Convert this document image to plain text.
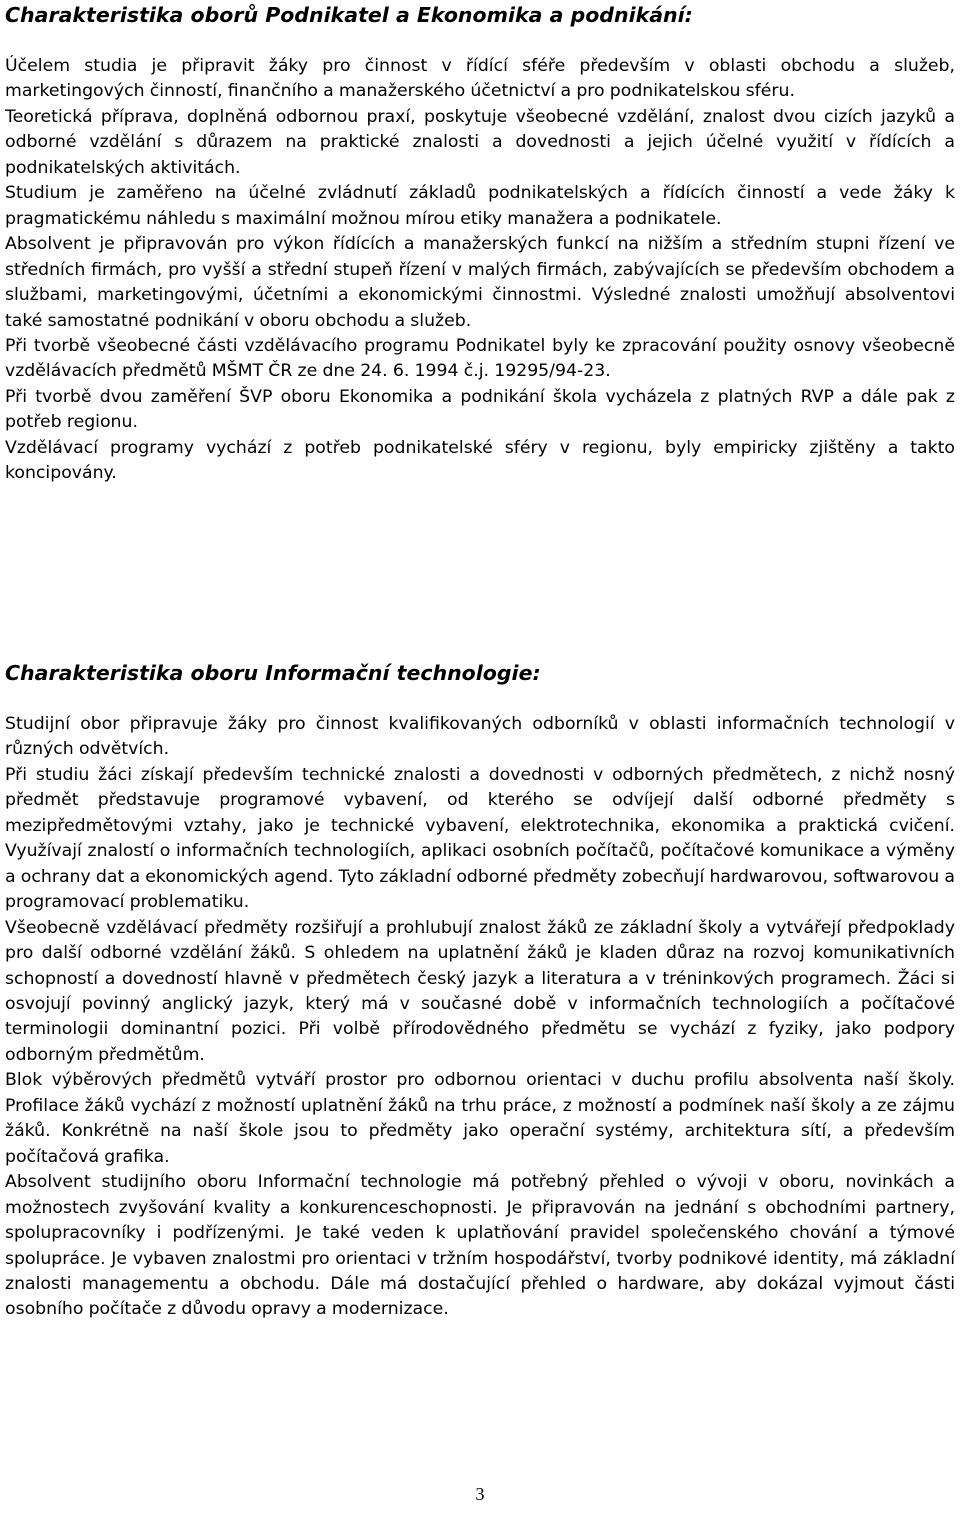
Charakteristika oborů Podnikatel a Ekonomika a podnikání:

Účelem studia je připravit žáky pro činnost v řídící sféře především v oblasti obchodu a služeb, marketingových činností, finančního a manažerského účetnictví a pro podnikatelskou sféru.

Teoretická příprava, doplněná odbornou praxí, poskytuje všeobecné vzdělání, znalost dvou cizích jazyků a odborné vzdělání s důrazem na praktické znalosti a dovednosti a jejich účelné využití v řídících a podnikatelských aktivitách.

Studium je zaměřeno na účelné zvládnutí základů podnikatelských a řídících činností a vede žáky k pragmatickému náhledu s maximální možnou mírou etiky manažera a podnikatele.

Absolvent je připravován pro výkon řídících a manažerských funkcí na nižším a středním stupni řízení ve středních firmách, pro vyšší a střední stupeň řízení v malých firmách, zabývajících se především obchodem a službami, marketingovými, účetními a ekonomickými činnostmi. Výsledné znalosti umožňují absolventovi také samostatné podnikání v oboru obchodu a služeb.

Při tvorbě všeobecné části vzdělávacího programu Podnikatel byly ke zpracování použity osnovy všeobecně vzdělávacích předmětů MŠMT ČR ze dne 24. 6. 1994 č.j. 19295/94-23.

Při tvorbě dvou zaměření ŠVP oboru Ekonomika a podnikání škola vycházela z platných RVP a dále pak z potřeb regionu.

Vzdělávací programy vychází z potřeb podnikatelské sféry v regionu, byly empiricky zjištěny a takto koncipovány.

Charakteristika oboru Informační technologie:

Studijní obor připravuje žáky pro činnost kvalifikovaných odborníků v oblasti informačních technologií v různých odvětvích.

Při studiu žáci získají především technické znalosti a dovednosti v odborných předmětech, z nichž nosný předmět představuje programové vybavení, od kterého se odvíjejí další odborné předměty s mezipředmětovými vztahy, jako je technické vybavení, elektrotechnika, ekonomika a praktická cvičení. Využívají znalostí o informačních technologiích, aplikaci osobních počítačů, počítačové komunikace a výměny a ochrany dat a ekonomických agend. Tyto základní odborné předměty zobecňují hardwarovou, softwarovou a programovací problematiku.

Všeobecně vzdělávací předměty rozšiřují a prohlubují znalost žáků ze základní školy a vytvářejí předpoklady pro další odborné vzdělání žáků. S ohledem na uplatnění žáků je kladen důraz na rozvoj komunikativních schopností a dovedností hlavně v předmětech český jazyk a literatura a v tréninkových programech. Žáci si osvojují povinný anglický jazyk, který má v současné době v informačních technologiích a počítačové terminologii dominantní pozici. Při volbě přírodovědného předmětu se vychází z fyziky, jako podpory odborným předmětům.

Blok výběrových předmětů vytváří prostor pro odbornou orientaci v duchu profilu absolventa naší školy. Profilace žáků vychází z možností uplatnění žáků na trhu práce, z možností a podmínek naší školy a ze zájmu žáků. Konkrétně na naší škole jsou to předměty jako operační systémy, architektura sítí, a především počítačová grafika.

Absolvent studijního oboru Informační technologie má potřebný přehled o vývoji v oboru, novinkách a možnostech zvyšování kvality a konkurenceschopnosti. Je připravován na jednání s obchodními partnery, spolupracovníky i podřízenými. Je také veden k uplatňování pravidel společenského chování a týmové spolupráce. Je vybaven znalostmi pro orientaci v tržním hospodářství, tvorby podnikové identity, má základní znalosti managementu a obchodu. Dále má dostačující přehled o hardware, aby dokázal vyjmout části osobního počítače z důvodu opravy a modernizace.

3
